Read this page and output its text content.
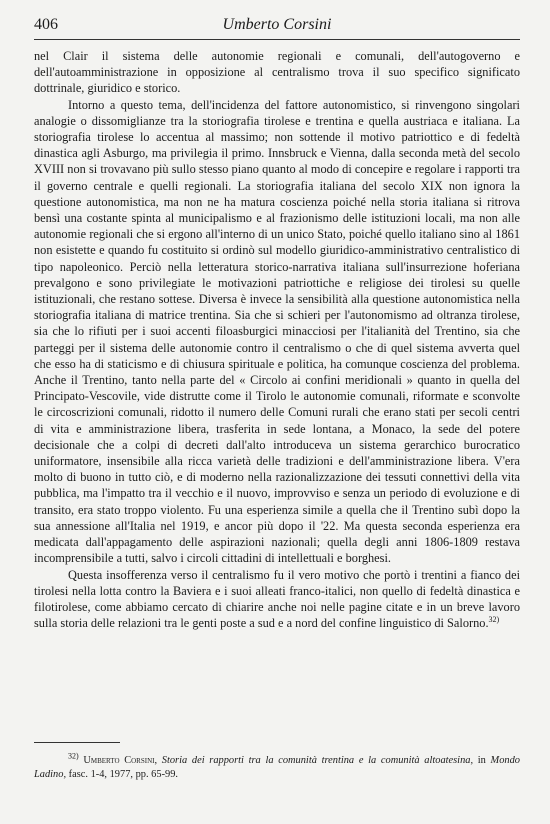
406	Umberto Corsini

nel Clair il sistema delle autonomie regionali e comunali, dell'autogoverno e dell'autoamministrazione in opposizione al centralismo trova il suo specifico significato dottrinale, giuridico e storico.

Intorno a questo tema, dell'incidenza del fattore autonomistico, si rinvengono singolari analogie o dissomiglianze tra la storiografia tirolese e trentina e quella austriaca e italiana. La storiografia tirolese lo accentua al massimo; non sottende il motivo patriottico e di fedeltà dinastica agli Asburgo, ma privilegia il primo. Innsbruck e Vienna, dalla seconda metà del secolo XVIII non si trovavano più sullo stesso piano quanto al modo di concepire e regolare i rapporti tra il governo centrale e quelli regionali. La storiografia italiana del secolo XIX non ignora la questione autonomistica, ma non ne ha matura coscienza poiché nella storia italiana si ritrova bensì una costante spinta al municipalismo e al frazionismo delle istituzioni locali, ma non alle autonomie regionali che si ergono all'interno di un unico Stato, poiché quello italiano sino al 1861 non esistette e quando fu costituito si ordinò sul modello giuridico-amministrativo centralistico di tipo napoleonico. Perciò nella letteratura storico-narrativa italiana sull'insurrezione hoferiana prevalgono e sono privilegiate le motivazioni patriottiche e religiose dei tirolesi su quelle istituzionali, che restano sottese. Diversa è invece la sensibilità alla questione autonomistica nella storiografia italiana di matrice trentina. Sia che si schieri per l'autonomismo ad oltranza tirolese, sia che lo rifiuti per i suoi accenti filoasburgici minacciosi per l'italianità del Trentino, sia che parteggi per il sistema delle autonomie contro il centralismo o che di quel sistema avverta quel che esso ha di staticismo e di chiusura spirituale e politica, ha comunque coscienza del problema. Anche il Trentino, tanto nella parte del « Circolo ai confini meridionali » quanto in quella del Principato-Vescovile, vide distrutte come il Tirolo le autonomie comunali, riformate e sconvolte le circoscrizioni comunali, ridotto il numero delle Comuni rurali che erano stati per secoli centri di vita e amministrazione libera, trasferita in sede lontana, a Monaco, la sede del potere decisionale che a colpi di decreti dall'alto introduceva un sistema gerarchico burocratico uniformatore, insensibile alla ricca varietà delle tradizioni e dell'amministrazione libera. V'era molto di buono in tutto ciò, e di moderno nella razionalizzazione dei tessuti connettivi della vita pubblica, ma l'impatto tra il vecchio e il nuovo, improvviso e senza un periodo di evoluzione e di transito, era stato troppo violento. Fu una esperienza simile a quella che il Trentino subì dopo la sua annessione all'Italia nel 1919, e ancor più dopo il '22. Ma questa seconda esperienza era medicata dall'appagamento delle aspirazioni nazionali; quella degli anni 1806-1809 restava incomprensibile a tutti, salvo i circoli cittadini di intellettuali e borghesi.

Questa insofferenza verso il centralismo fu il vero motivo che portò i trentini a fianco dei tirolesi nella lotta contro la Baviera e i suoi alleati franco-italici, non quello di fedeltà dinastica e filotirolese, come abbiamo cercato di chiarire anche noi nelle pagine citate e in un breve lavoro sulla storia delle relazioni tra le genti poste a sud e a nord del confine linguistico di Salorno.$^{32)}$

$^{32)}$ Umberto Corsini, Storia dei rapporti tra la comunità trentina e la comunità altoatesina, in Mondo Ladino, fasc. 1-4, 1977, pp. 65-99.
